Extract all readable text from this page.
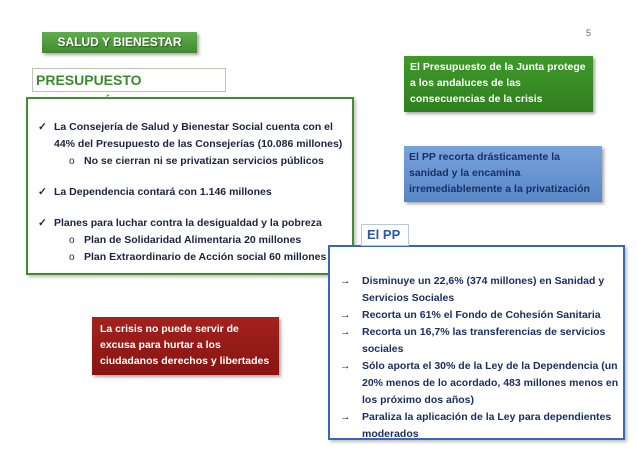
5
SALUD Y BIENESTAR
PRESUPUESTO
El Presupuesto de la Junta protege a los andaluces de las consecuencias de la crisis
El PP recorta drásticamente la sanidad y la encamina irremediablemente a la privatización
✓ La Consejería de Salud y Bienestar Social cuenta con el 44% del Presupuesto de las Consejerías (10.086 millones)
o No se cierran ni se privatizan servicios públicos
✓ La Dependencia contará con 1.146 millones
✓ Planes para luchar contra la desigualdad y la pobreza
o Plan de Solidaridad Alimentaria 20 millones
o Plan Extraordinario de Acción social 60 millones
→ Disminuye un 22,6% (374 millones) en Sanidad y Servicios Sociales
→ Recorta un 61% el Fondo de Cohesión Sanitaria
→ Recorta un 16,7% las transferencias de servicios sociales
→ Sólo aporta el 30% de la Ley de la Dependencia (un 20% menos de lo acordado, 483 millones menos en los próximo dos años)
→ Paraliza la aplicación de la Ley para dependientes moderados
El PP
La crisis no puede servir de excusa para hurtar a los ciudadanos derechos y libertades
